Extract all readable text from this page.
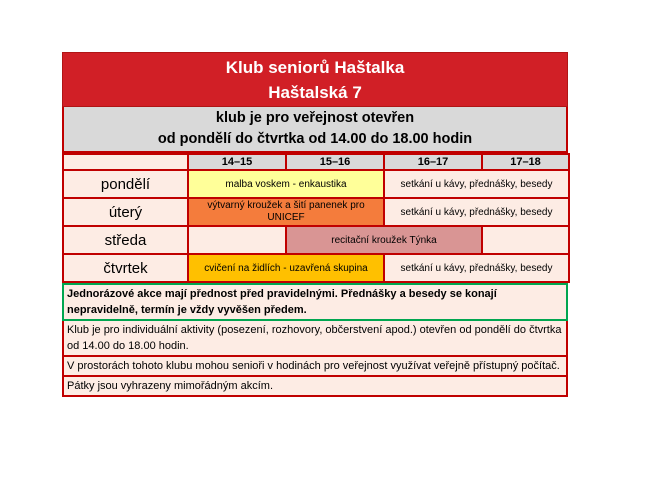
Klub seniorů Haštalka
Haštalská 7
klub je pro veřejnost otevřen
od pondělí do čtvrtka od 14.00 do 18.00 hodin
	14–15	15–16	16–17	17–18
pondělí	malba voskem - enkaustika		setkání u kávy, přednášky, besedy	
úterý	výtvarný kroužek a šití panenek pro UNICEF		setkání u kávy, přednášky, besedy	
středa		recitační kroužek Týnka		
čtvrtek	cvičení na židlích - uzavřená skupina		setkání u kávy, přednášky, besedy	
Jednorázové akce mají přednost před pravidelnými. Přednášky a besedy se konají nepravidelně, termín je vždy vyvěšen předem.
Klub je pro individuální aktivity (posezení, rozhovory, občerstvení apod.) otevřen od pondělí do čtvrtka od 14.00 do 18.00 hodin.
V prostorách tohoto klubu mohou senioři v hodinách pro veřejnost využívat veřejně přístupný počítač.
Pátky jsou vyhrazeny mimořádným akcím.
